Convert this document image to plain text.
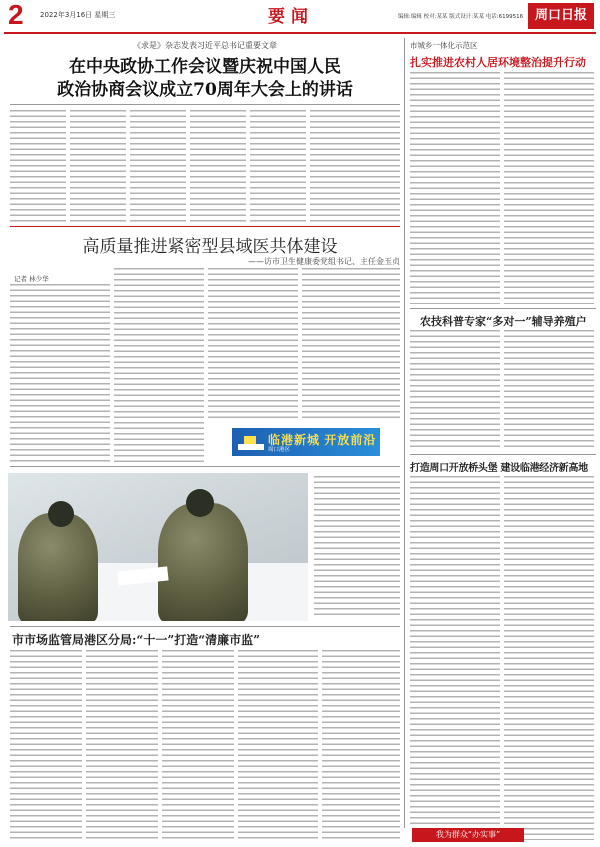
2 2022年3月16日 星期三	要闻	编辑:编辑 校对:某某 版式设计:某某 电话:6199516 周口日报
《求是》杂志发表习近平总书记重要文章
在中央政协工作会议暨庆祝中国人民
政治协商会议成立70周年大会上的讲话
高质量推进紧密型县域医共体建设
——访市卫生健康委党组书记、主任金玉贞
记者 林少华
临港新城 开放前沿
周口港区
市市场监管局港区分局:“十一”打造“清廉市监”
市城乡一体化示范区
扎实推进农村人居环境整治提升行动
农技科普专家“多对一”辅导养殖户
打造周口开放桥头堡 建设临港经济新高地
我为群众“办实事”
